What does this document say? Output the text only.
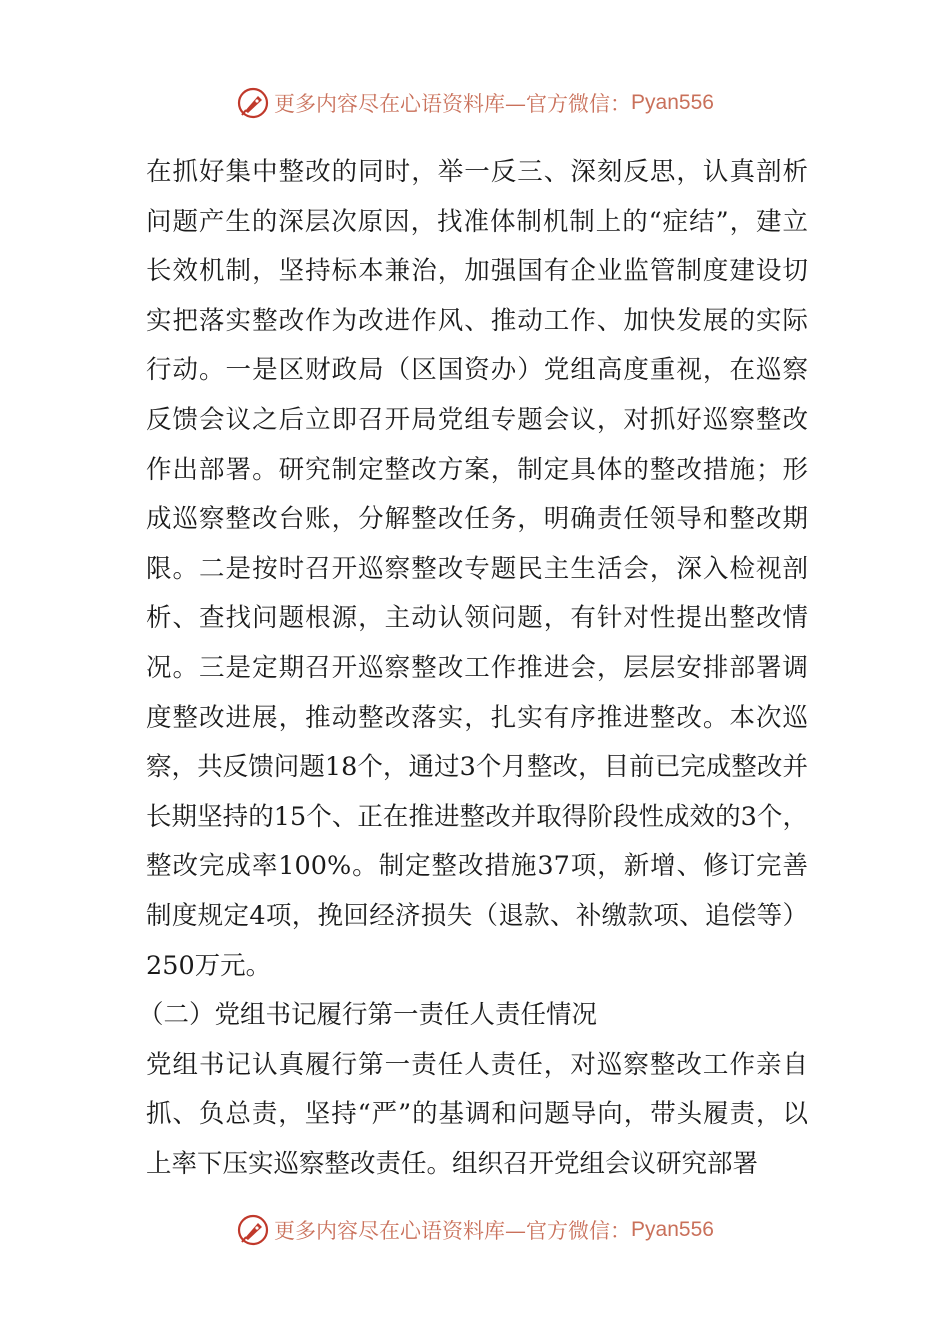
更多内容尽在心语资料库—官方微信： Pyan556

在抓好集中整改的同时，举一反三、深刻反思，认真剖析问题产生的深层次原因，找准体制机制上的“症结”，建立长效机制，坚持标本兼治，加强国有企业监管制度建设切实把落实整改作为改进作风、推动工作、加快发展的实际行动。一是区财政局（区国资办）党组高度重视，在巡察反馈会议之后立即召开局党组专题会议，对抓好巡察整改作出部署。研究制定整改方案，制定具体的整改措施；形成巡察整改台账，分解整改任务，明确责任领导和整改期限。二是按时召开巡察整改专题民主生活会，深入检视剖析、查找问题根源，主动认领问题，有针对性提出整改情况。三是定期召开巡察整改工作推进会，层层安排部署调度整改进展，推动整改落实，扎实有序推进整改。本次巡察，共反馈问题18个，通过3个月整改，目前已完成整改并长期坚持的15个、正在推进整改并取得阶段性成效的3个，整改完成率100%。制定整改措施37项，新增、修订完善制度规定4项，挽回经济损失（退款、补缴款项、追偿等）250万元。

（二）党组书记履行第一责任人责任情况

党组书记认真履行第一责任人责任，对巡察整改工作亲自抓、负总责，坚持“严”的基调和问题导向，带头履责，以上率下压实巡察整改责任。组织召开党组会议研究部署

更多内容尽在心语资料库—官方微信： Pyan556
